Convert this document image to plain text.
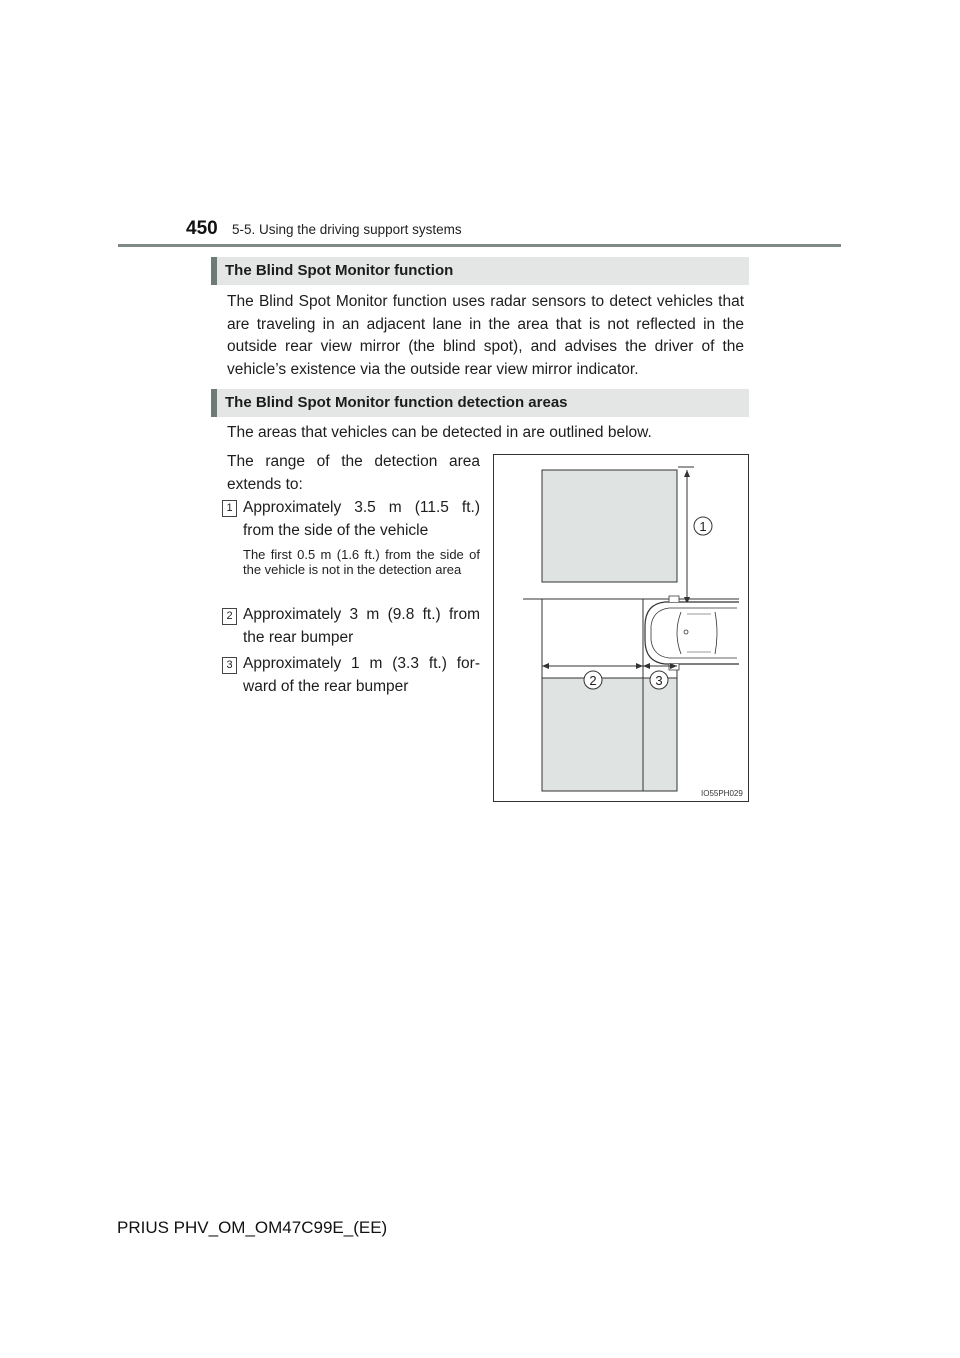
450 5-5. Using the driving support systems
The Blind Spot Monitor function
The Blind Spot Monitor function uses radar sensors to detect vehicles that are traveling in an adjacent lane in the area that is not reflected in the outside rear view mirror (the blind spot), and advises the driver of the vehicle’s existence via the outside rear view mirror indicator.
The Blind Spot Monitor function detection areas
The areas that vehicles can be detected in are outlined below.
The range of the detection area extends to:
1 Approximately 3.5 m (11.5 ft.) from the side of the vehicle
The first 0.5 m (1.6 ft.) from the side of the vehicle is not in the detection area
2 Approximately 3 m (9.8 ft.) from the rear bumper
3 Approximately 1 m (3.3 ft.) for-ward of the rear bumper
1
2	3
IO55PH029
PRIUS PHV_OM_OM47C99E_(EE)
